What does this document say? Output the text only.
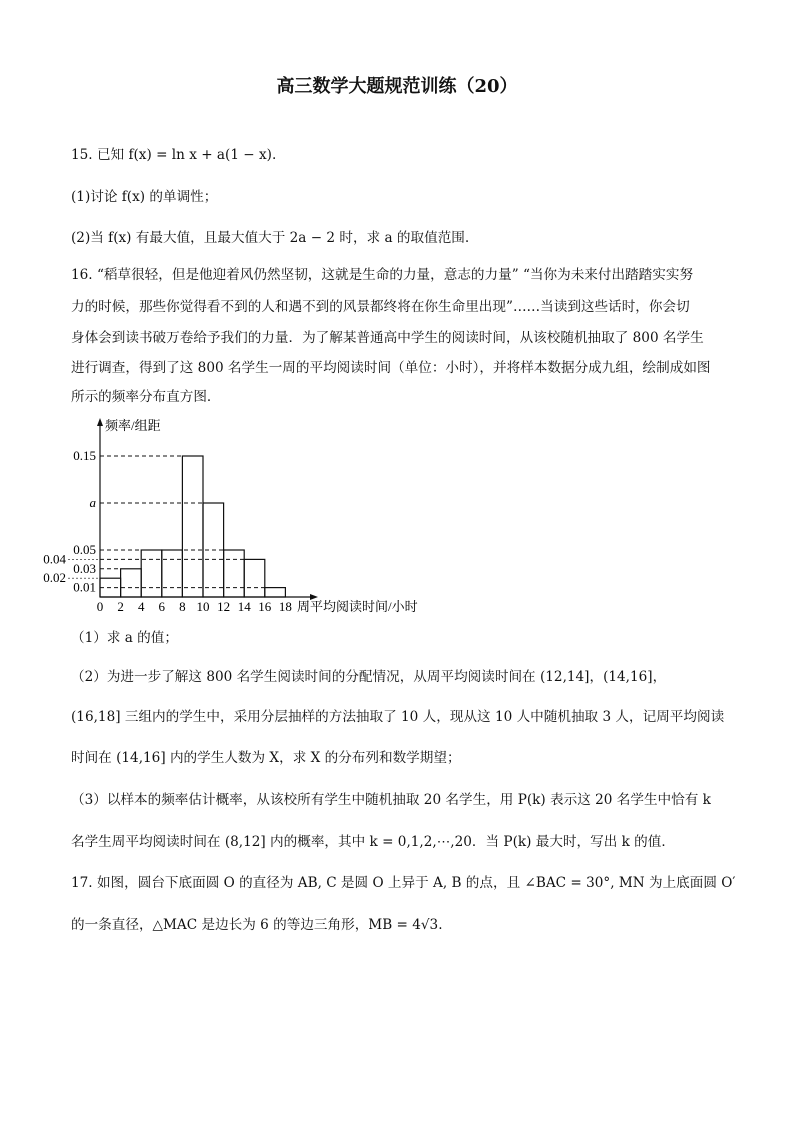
高三数学大题规范训练（20）
15. 已知 f(x) = ln x + a(1 − x).
(1)讨论 f(x) 的单调性；
(2)当 f(x) 有最大值，且最大值大于 2a − 2 时，求 a 的取值范围.
16. “稻草很轻，但是他迎着风仍然坚韧，这就是生命的力量，意志的力量” “当你为未来付出踏踏实实努
力的时候，那些你觉得看不到的人和遇不到的风景都终将在你生命里出现”……当读到这些话时，你会切
身体会到读书破万卷给予我们的力量．为了解某普通高中学生的阅读时间，从该校随机抽取了 800 名学生
进行调查，得到了这 800 名学生一周的平均阅读时间（单位：小时），并将样本数据分成九组，绘制成如图
所示的频率分布直方图．
0.15
a
0.05
0.04
0.03
0.02
0.01
频率/组距
0 2 4 6 8 10 12 14 16 18 周平均阅读时间/小时
（1）求 a 的值；
（2）为进一步了解这 800 名学生阅读时间的分配情况，从周平均阅读时间在 (12,14]，(14,16]，
(16,18] 三组内的学生中，采用分层抽样的方法抽取了 10 人，现从这 10 人中随机抽取 3 人，记周平均阅读
时间在 (14,16] 内的学生人数为 X，求 X 的分布列和数学期望；
（3）以样本的频率估计概率，从该校所有学生中随机抽取 20 名学生，用 P(k) 表示这 20 名学生中恰有 k
名学生周平均阅读时间在 (8,12] 内的概率，其中 k = 0,1,2,⋯,20．当 P(k) 最大时，写出 k 的值．
17. 如图，圆台下底面圆 O 的直径为 AB, C 是圆 O 上异于 A, B 的点，且 ∠BAC = 30°, MN 为上底面圆 O′
的一条直径，△MAC 是边长为 6 的等边三角形，MB = 4√3.
